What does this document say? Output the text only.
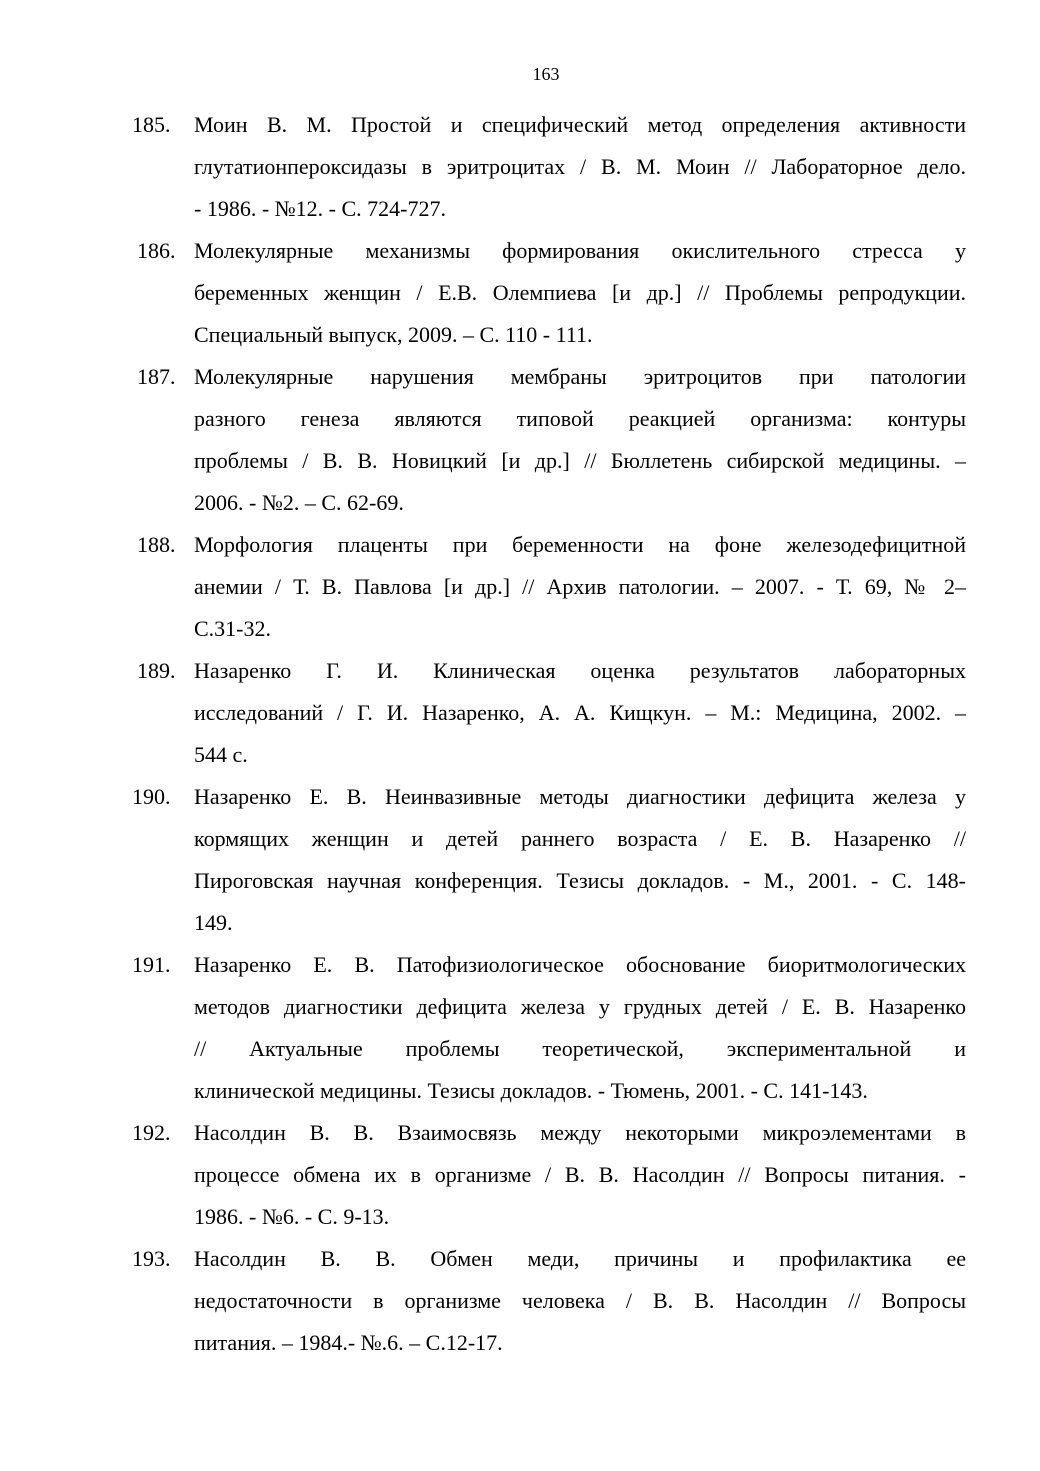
163
185.	Моин В. М. Простой и специфический метод определения активности
глутатионпероксидазы в эритроцитах / В. М. Моин // Лабораторное дело.
- 1986. - №12. - С. 724-727.
186. Молекулярные механизмы формирования окислительного стресса у
беременных женщин / Е.В. Олемпиева [и др.] // Проблемы репродукции.
Специальный выпуск, 2009. – С. 110 - 111.
187. Молекулярные нарушения мембраны эритроцитов при патологии
разного генеза являются типовой реакцией организма: контуры
проблемы / В. В. Новицкий [и др.] // Бюллетень сибирской медицины. –
2006. - №2. – С. 62-69.
188. Морфология плаценты при беременности на фоне железодефицитной
анемии / Т. В. Павлова [и др.] // Архив патологии. – 2007. - Т. 69, № 2–
С.31-32.
189. Назаренко Г. И. Клиническая оценка результатов лабораторных
исследований / Г. И. Назаренко, А. А. Кищкун. – М.: Медицина, 2002. –
544 с.
190.	Назаренко Е. В. Неинвазивные методы диагностики дефицита железа у
кормящих женщин и детей раннего возраста / Е. В. Назаренко //
Пироговская научная конференция. Тезисы докладов. - М., 2001. - С. 148-
149.
191.	Назаренко Е. В. Патофизиологическое обоснование биоритмологических
методов диагностики дефицита железа у грудных детей / Е. В. Назаренко
// Актуальные проблемы теоретической, экспериментальной и
клинической медицины. Тезисы докладов. - Тюмень, 2001. - С. 141-143.
192.	Насолдин В. В. Взаимосвязь между некоторыми микроэлементами в
процессе обмена их в организме / В. В. Насолдин // Вопросы питания. -
1986. - №6. - С. 9-13.
193.	Насолдин В. В. Обмен меди, причины и профилактика ее
недостаточности в организме человека / В. В. Насолдин // Вопросы
питания. – 1984.- №.6. – С.12-17.
